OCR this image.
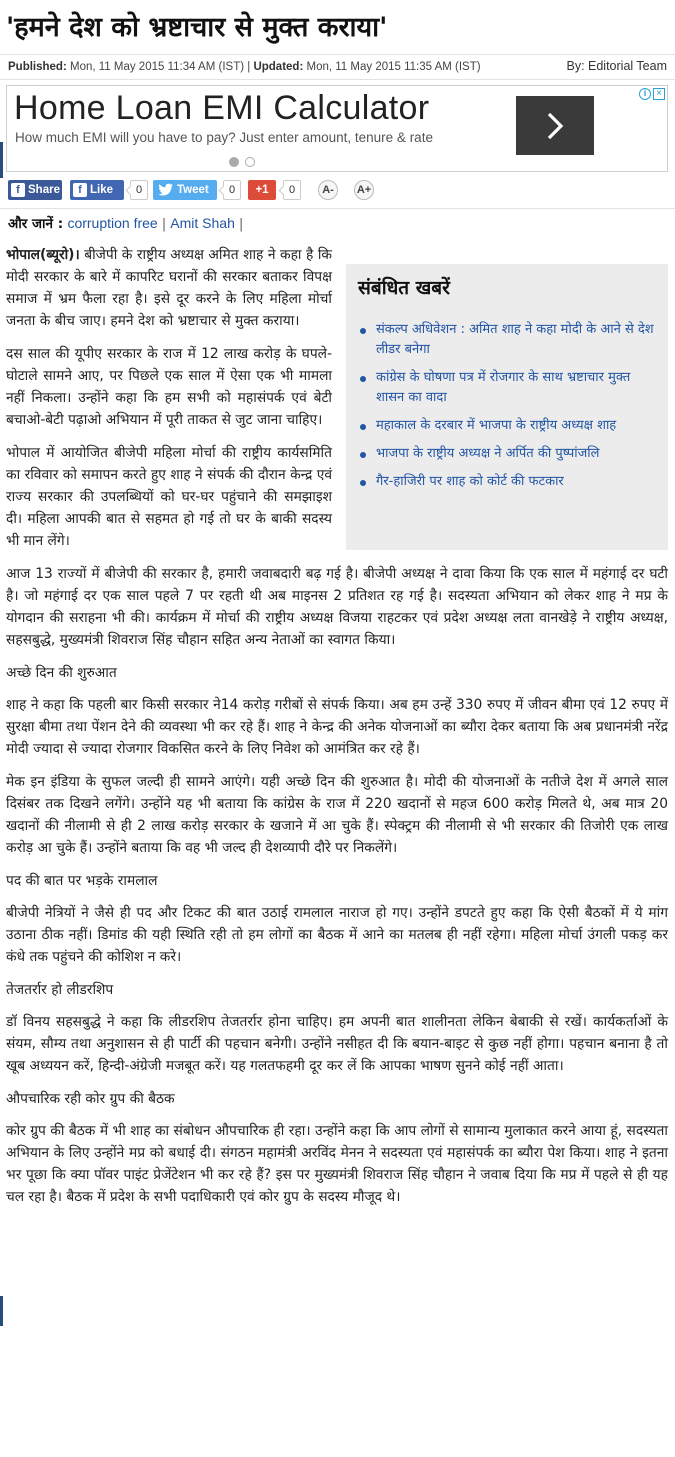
'हमने देश को भ्रष्टाचार से मुक्त कराया'
Published: Mon, 11 May 2015 11:34 AM (IST) | Updated: Mon, 11 May 2015 11:35 AM (IST)	By: Editorial Team
Home Loan EMI Calculator
How much EMI will you have to pay? Just enter amount, tenure & rate
i ×
f Share	f Like	0	Tweet	0	+1	0	A-	A+
और जानें : corruption free | Amit Shah |
संबंधित खबरें
संकल्प अधिवेशन : अमित शाह ने कहा मोदी के आने से देश लीडर बनेगा
कांग्रेस के घोषणा पत्र में रोजगार के साथ भ्रष्टाचार मुक्त शासन का वादा
महाकाल के दरबार में भाजपा के राष्ट्रीय अध्यक्ष शाह
भाजपा के राष्ट्रीय अध्यक्ष ने अर्पित की पुष्पांजलि
गैर-हाजिरी पर शाह को कोर्ट की फटकार

भोपाल(ब्यूरो)। बीजेपी के राष्ट्रीय अध्यक्ष अमित शाह ने कहा है कि मोदी सरकार के बारे में कापरिट घरानों की सरकार बताकर विपक्ष समाज में भ्रम फैला रहा है। इसे दूर करने के लिए महिला मोर्चा जनता के बीच जाए। हमने देश को भ्रष्टाचार से मुक्त कराया।

दस साल की यूपीए सरकार के राज में 12 लाख करोड़ के घपले-घोटाले सामने आए, पर पिछले एक साल में ऐसा एक भी मामला नहीं निकला। उन्होंने कहा कि हम सभी को महासंपर्क एवं बेटी बचाओ-बेटी पढ़ाओ अभियान में पूरी ताकत से जुट जाना चाहिए।

भोपाल में आयोजित बीजेपी महिला मोर्चा की राष्ट्रीय कार्यसमिति का रविवार को समापन करते हुए शाह ने संपर्क की दौरान केन्द्र एवं राज्य सरकार की उपलब्धियों को घर-घर पहुंचाने की समझाइश दी। महिला आपकी बात से सहमत हो गई तो घर के बाकी सदस्य भी मान लेंगे।

आज 13 राज्यों में बीजेपी की सरकार है, हमारी जवाबदारी बढ़ गई है। बीजेपी अध्यक्ष ने दावा किया कि एक साल में महंगाई दर घटी है। जो महंगाई दर एक साल पहले 7 पर रहती थी अब माइनस 2 प्रतिशत रह गई है। सदस्यता अभियान को लेकर शाह ने मप्र के योगदान की सराहना भी की। कार्यक्रम में मोर्चा की राष्ट्रीय अध्यक्ष विजया राहटकर एवं प्रदेश अध्यक्ष लता वानखेड़े ने राष्ट्रीय अध्यक्ष, सहसबुद्धे, मुख्यमंत्री शिवराज सिंह चौहान सहित अन्य नेताओं का स्वागत किया।

अच्छे दिन की शुरुआत

शाह ने कहा कि पहली बार किसी सरकार ने14 करोड़ गरीबों से संपर्क किया। अब हम उन्हें 330 रुपए में जीवन बीमा एवं 12 रुपए में सुरक्षा बीमा तथा पेंशन देने की व्यवस्था भी कर रहे हैं। शाह ने केन्द्र की अनेक योजनाओं का ब्यौरा देकर बताया कि अब प्रधानमंत्री नरेंद्र मोदी ज्यादा से ज्यादा रोजगार विकसित करने के लिए निवेश को आमंत्रित कर रहे हैं।

मेक इन इंडिया के सुफल जल्दी ही सामने आएंगे। यही अच्छे दिन की शुरुआत है। मोदी की योजनाओं के नतीजे देश में अगले साल दिसंबर तक दिखने लगेंगे। उन्होंने यह भी बताया कि कांग्रेस के राज में 220 खदानों से महज 600 करोड़ मिलते थे, अब मात्र 20 खदानों की नीलामी से ही 2 लाख करोड़ सरकार के खजाने में आ चुके हैं। स्पेक्ट्रम की नीलामी से भी सरकार की तिजोरी एक लाख करोड़ आ चुके हैं। उन्होंने बताया कि वह भी जल्द ही देशव्यापी दौरे पर निकलेंगे।

पद की बात पर भड़के रामलाल

बीजेपी नेत्रियों ने जैसे ही पद और टिकट की बात उठाई रामलाल नाराज हो गए। उन्होंने डपटते हुए कहा कि ऐसी बैठकों में ये मांग उठाना ठीक नहीं। डिमांड की यही स्थिति रही तो हम लोगों का बैठक में आने का मतलब ही नहीं रहेगा। महिला मोर्चा उंगली पकड़ कर कंधे तक पहुंचने की कोशिश न करे।

तेजतर्रार हो लीडरशिप

डॉ विनय सहसबुद्धे ने कहा कि लीडरशिप तेजतर्रार होना चाहिए। हम अपनी बात शालीनता लेकिन बेबाकी से रखें। कार्यकर्ताओं के संयम, सौम्य तथा अनुशासन से ही पार्टी की पहचान बनेगी। उन्होंने नसीहत दी कि बयान-बाइट से कुछ नहीं होगा। पहचान बनाना है तो खूब अध्ययन करें, हिन्दी-अंग्रेजी मजबूत करें। यह गलतफहमी दूर कर लें कि आपका भाषण सुनने कोई नहीं आता।

औपचारिक रही कोर ग्रुप की बैठक

कोर ग्रुप की बैठक में भी शाह का संबोधन औपचारिक ही रहा। उन्होंने कहा कि आप लोगों से सामान्य मुलाकात करने आया हूं, सदस्यता अभियान के लिए उन्होंने मप्र को बधाई दी। संगठन महामंत्री अरविंद मेनन ने सदस्यता एवं महासंपर्क का ब्यौरा पेश किया। शाह ने इतना भर पूछा कि क्या पॉवर पाइंट प्रेजेंटेशन भी कर रहे हैं? इस पर मुख्यमंत्री शिवराज सिंह चौहान ने जवाब दिया कि मप्र में पहले से ही यह चल रहा है। बैठक में प्रदेश के सभी पदाधिकारी एवं कोर ग्रुप के सदस्य मौजूद थे।
